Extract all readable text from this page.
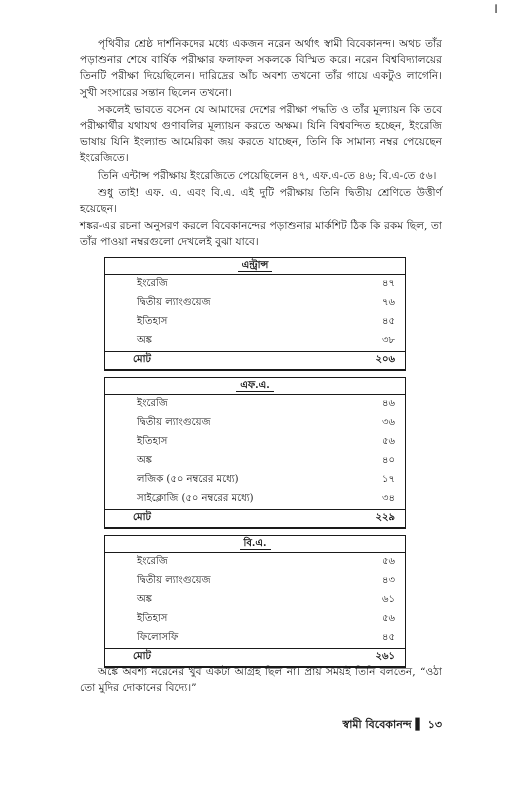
।

পৃথিবীর শ্রেষ্ঠ দার্শনিকদের মধ্যে একজন নরেন অর্থাৎ স্বামী বিবেকানন্দ। অথচ তাঁর পড়াশুনার শেষে বার্ষিক পরীক্ষার ফলাফল সকলকে বিস্মিত করে। নরেন বিশ্ববিদ্যালয়ের তিনটি পরীক্ষা দিয়েছিলেন। দারিদ্রের আঁচ অবশ্য তখনো তাঁর গায়ে একটুও লাগেনি। সুখী সংসারের সন্তান ছিলেন তখনো।

সকলেই ভাবতে বসেন যে আমাদের দেশের পরীক্ষা পদ্ধতি ও তাঁর মূল্যায়ন কি তবে পরীক্ষার্থীর যথাযথ গুণাবলির মূল্যায়ন করতে অক্ষম। যিনি বিশ্ববন্দিত হচ্ছেন, ইংরেজি ভাষায় যিনি ইংল্যান্ড আমেরিকা জয় করতে যাচ্ছেন, তিনি কি সামান্য নম্বর পেয়েছেন ইংরেজিতে।

তিনি এন্টান্স পরীক্ষায় ইংরেজিতে পেয়েছিলেন ৪৭, এফ.এ-তে ৪৬; বি.এ-তে ৫৬।

শুধু তাই! এফ. এ. এবং বি.এ. এই দুটি পরীক্ষায় তিনি দ্বিতীয় শ্রেণিতে উত্তীর্ণ হয়েছেন।

শঙ্কর-এর রচনা অনুসরণ করলে বিবেকানন্দের পড়াশুনার মার্কশিট ঠিক কি রকম ছিল, তা তাঁর পাওয়া নম্বরগুলো দেখলেই বুঝা যাবে।

এন্ট্রান্স
ইংরেজি	৪৭
দ্বিতীয় ল্যাংগুয়েজ	৭৬
ইতিহাস	৪৫
অঙ্ক	৩৮
মোট	২০৬
এফ.এ.
ইংরেজি	৪৬
দ্বিতীয় ল্যাংগুয়েজ	৩৬
ইতিহাস	৫৬
অঙ্ক	৪০
লজিক (৫০ নম্বরের মধ্যে)	১৭
সাইক্লোজি (৫০ নম্বরের মধ্যে)	৩৪
মোট	২২৯
বি.এ.
ইংরেজি	৫৬
দ্বিতীয় ল্যাংগুয়েজ	৪৩
অঙ্ক	৬১
ইতিহাস	৫৬
ফিলোসফি	৪৫
মোট	২৬১

অঙ্কে অবশ্য নরেনের খুব একটা আগ্রহ ছিল না। প্রায় সময়ই তিনি বলতেন, “ওঠা তো মুদির দোকানের বিদ্যে।”

স্বামী বিবেকানন্দ ▌ ১৩
